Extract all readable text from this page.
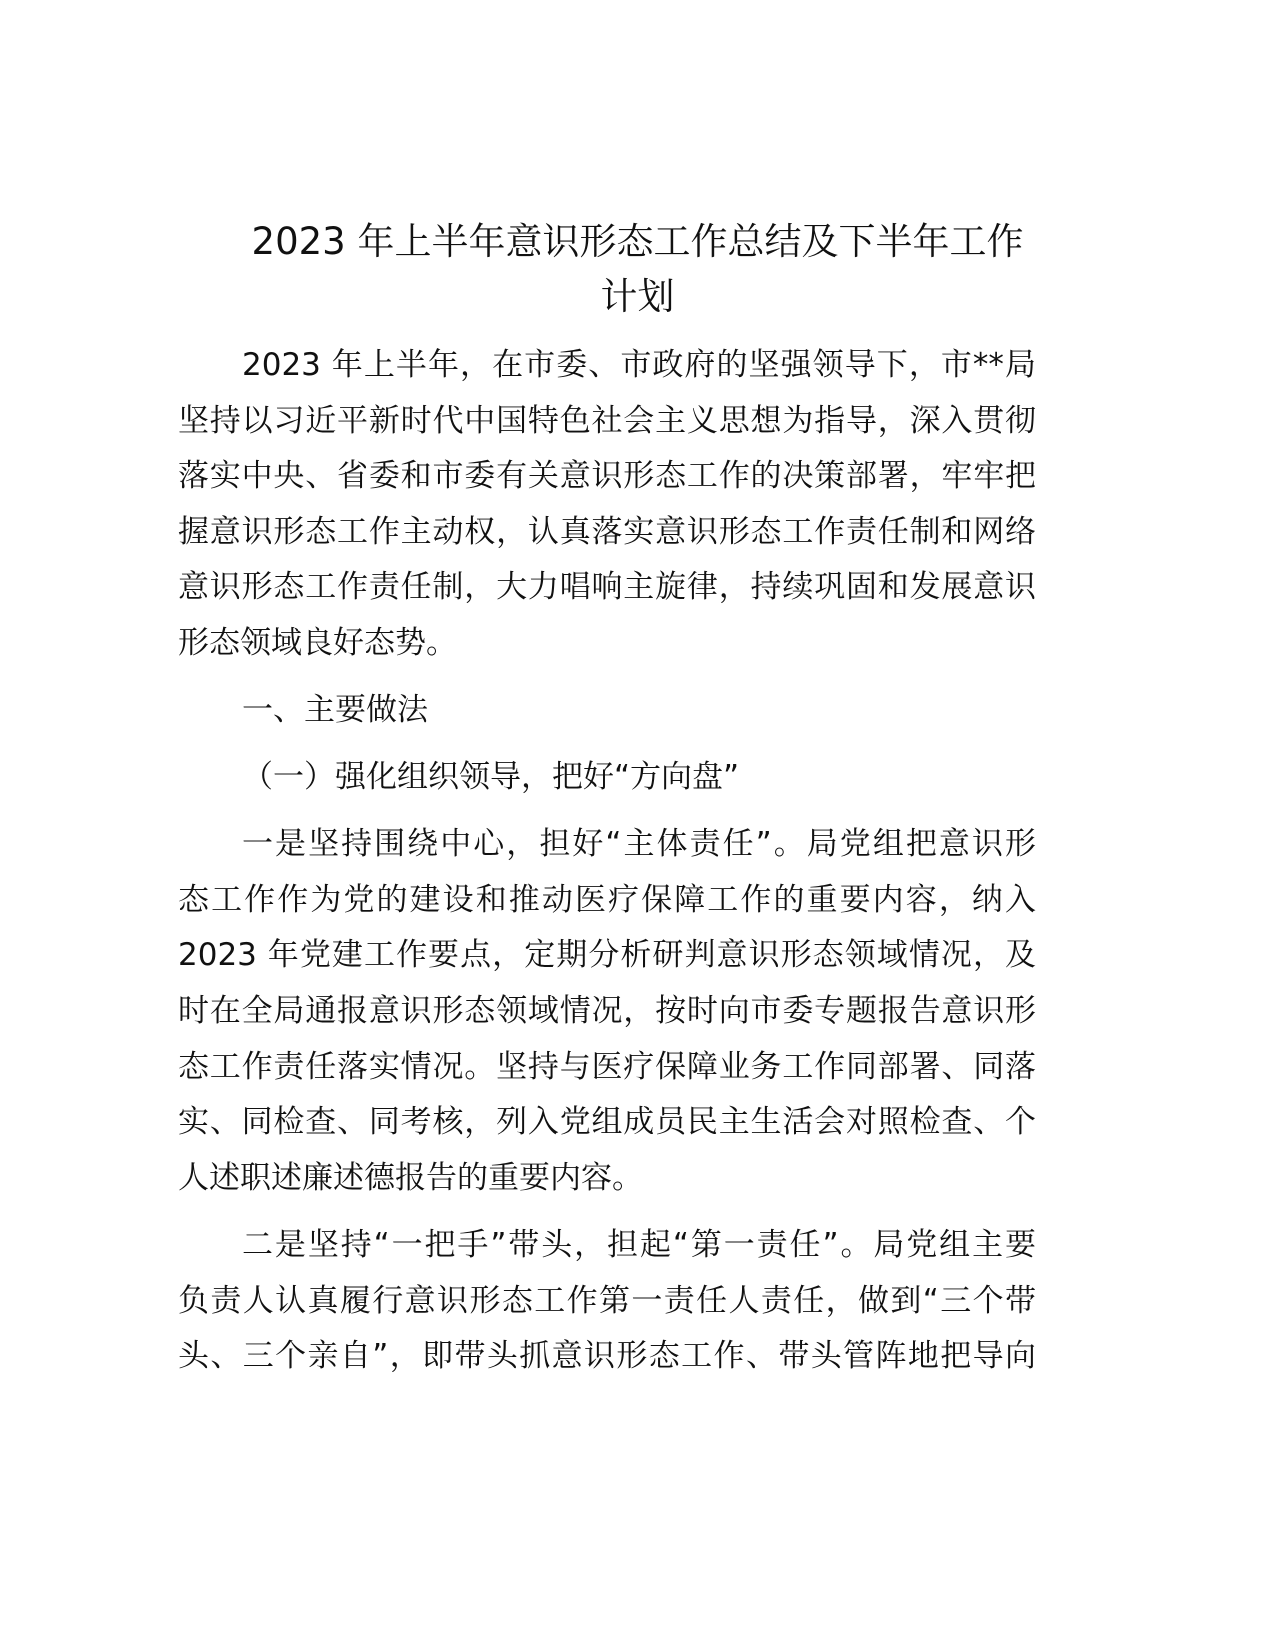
2023 年上半年意识形态工作总结及下半年工作
计划
2023 年上半年，在市委、市政府的坚强领导下，市**局
坚持以习近平新时代中国特色社会主义思想为指导，深入贯彻
落实中央、省委和市委有关意识形态工作的决策部署，牢牢把
握意识形态工作主动权，认真落实意识形态工作责任制和网络
意识形态工作责任制，大力唱响主旋律，持续巩固和发展意识
形态领域良好态势。
一、主要做法
（一）强化组织领导，把好“方向盘”
一是坚持围绕中心，担好“主体责任”。局党组把意识形
态工作作为党的建设和推动医疗保障工作的重要内容，纳入
2023 年党建工作要点，定期分析研判意识形态领域情况，及
时在全局通报意识形态领域情况，按时向市委专题报告意识形
态工作责任落实情况。坚持与医疗保障业务工作同部署、同落
实、同检查、同考核，列入党组成员民主生活会对照检查、个
人述职述廉述德报告的重要内容。
二是坚持“一把手”带头，担起“第一责任”。局党组主要
负责人认真履行意识形态工作第一责任人责任，做到“三个带
头、三个亲自”，即带头抓意识形态工作、带头管阵地把导向
